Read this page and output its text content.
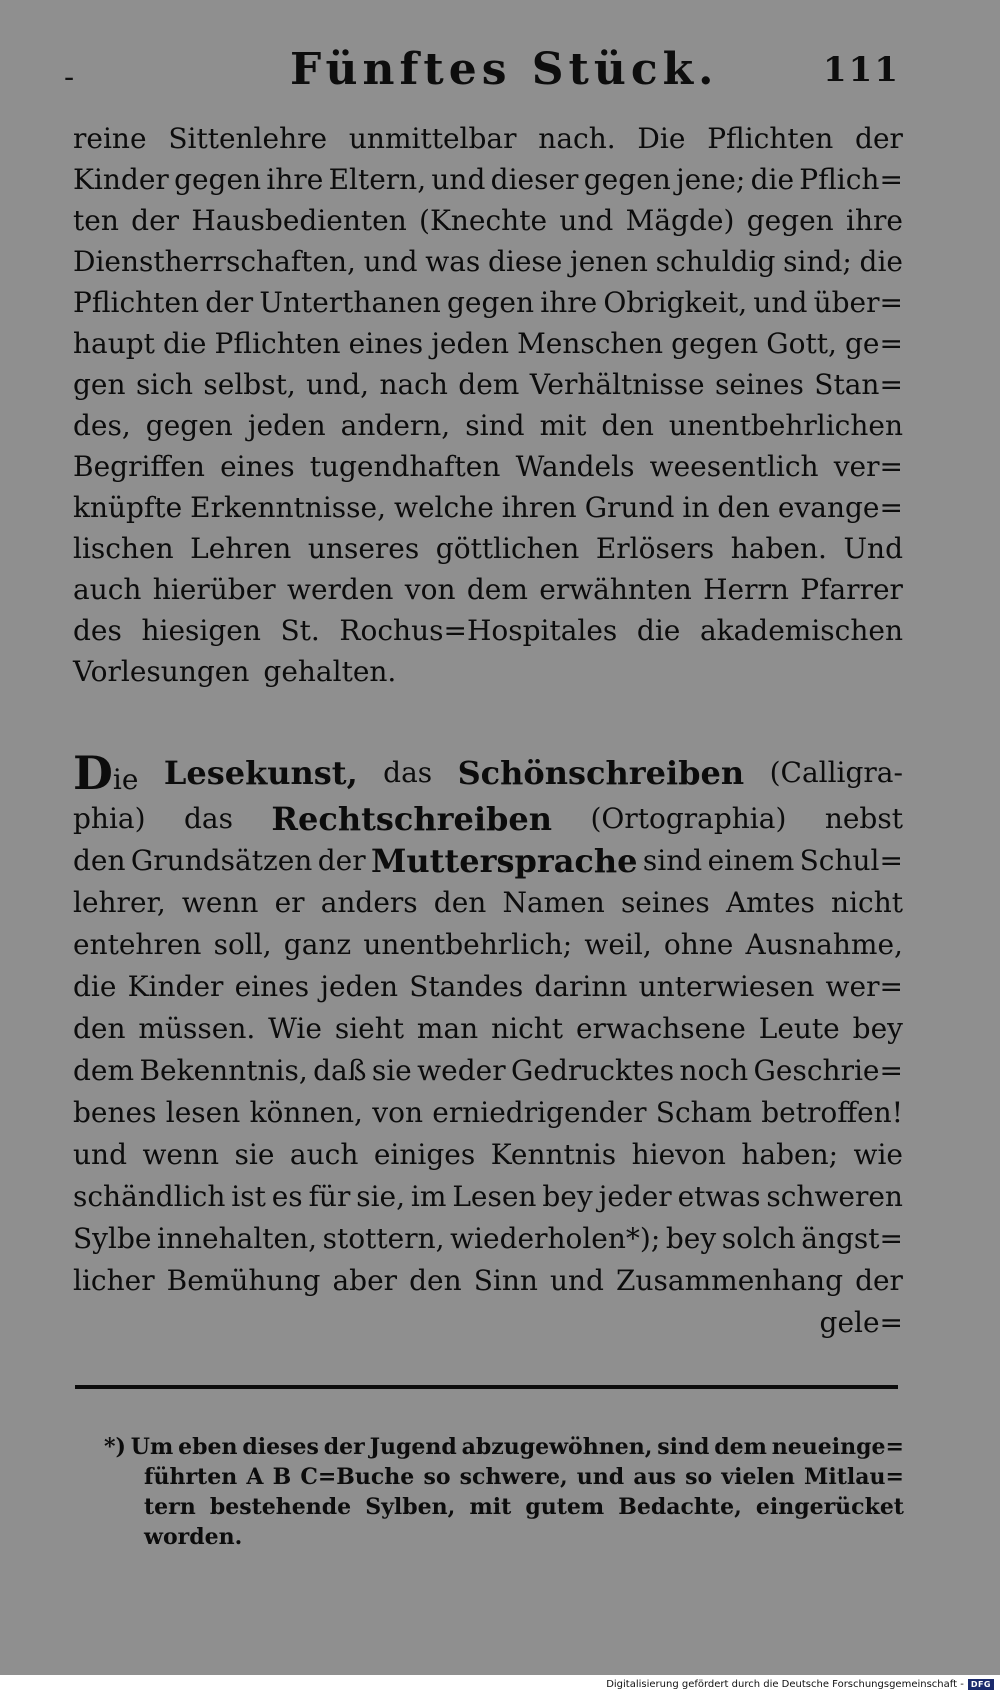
-	Fünftes Stück.	111
reine Sittenlehre unmittelbar nach. Die Pflichten der
Kinder gegen ihre Eltern, und dieser gegen jene; die Pflich=
ten der Hausbedienten (Knechte und Mägde) gegen ihre
Dienstherrschaften, und was diese jenen schuldig sind; die
Pflichten der Unterthanen gegen ihre Obrigkeit, und über=
haupt die Pflichten eines jeden Menschen gegen Gott, ge=
gen sich selbst, und, nach dem Verhältnisse seines Stan=
des, gegen jeden andern, sind mit den unentbehrlichen
Begriffen eines tugendhaften Wandels weesentlich ver=
knüpfte Erkenntnisse, welche ihren Grund in den evange=
lischen Lehren unseres göttlichen Erlösers haben. Und
auch hierüber werden von dem erwähnten Herrn Pfarrer
des hiesigen St. Rochus=Hospitales die akademischen
Vorlesungen gehalten.
Die Lesekunst, das Schönschreiben (Calligra-
phia) das Rechtschreiben (Ortographia) nebst
den Grundsätzen der Muttersprache sind einem Schul=
lehrer, wenn er anders den Namen seines Amtes nicht
entehren soll, ganz unentbehrlich; weil, ohne Ausnahme,
die Kinder eines jeden Standes darinn unterwiesen wer=
den müssen. Wie sieht man nicht erwachsene Leute bey
dem Bekenntnis, daß sie weder Gedrucktes noch Geschrie=
benes lesen können, von erniedrigender Scham betroffen!
und wenn sie auch einiges Kenntnis hievon haben; wie
schändlich ist es für sie, im Lesen bey jeder etwas schweren
Sylbe innehalten, stottern, wiederholen*); bey solch ängst=
licher Bemühung aber den Sinn und Zusammenhang der
gele=
*) Um eben dieses der Jugend abzugewöhnen, sind dem neueinge=
führten A B C=Buche so schwere, und aus so vielen Mitlau=
tern bestehende Sylben, mit gutem Bedachte, eingerücket
worden.
Digitalisierung gefördert durch die Deutsche Forschungsgemeinschaft - DFG
